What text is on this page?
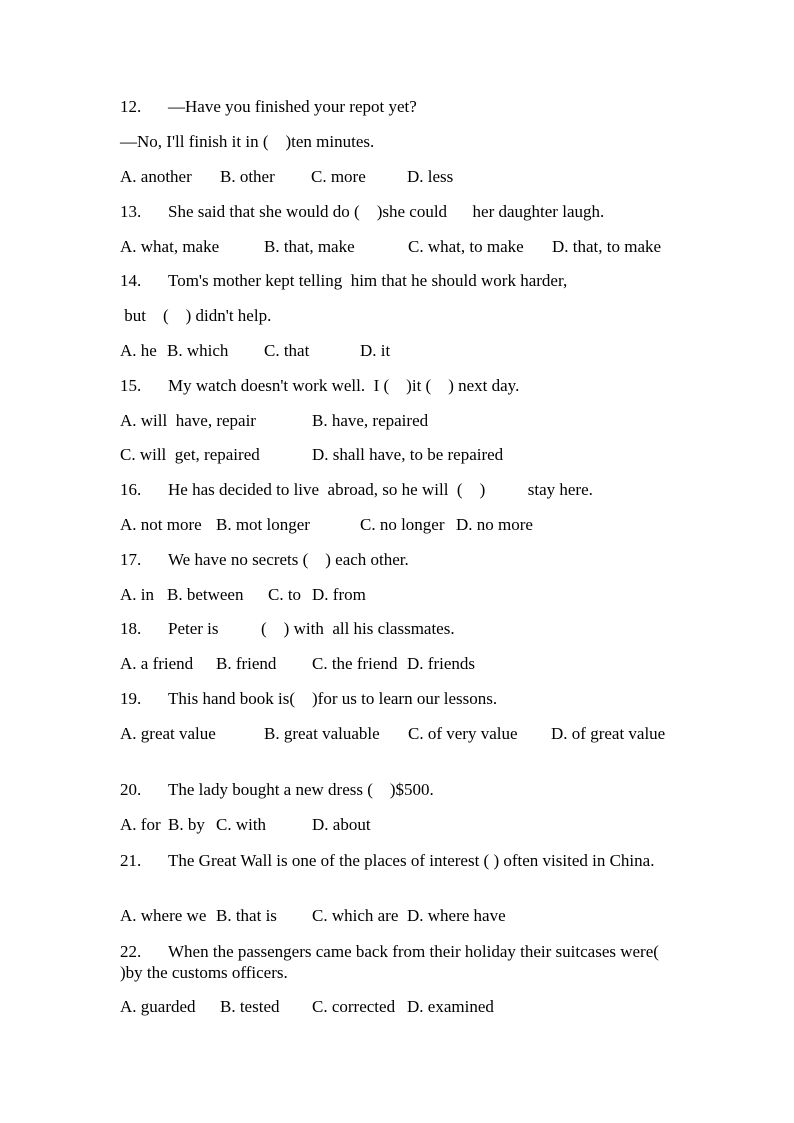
12. —Have you finished your repot yet?
—No, I'll finish it in (    )ten minutes.
A. another B. other C. more D. less
13. She said that she would do (    )she could      her daughter laugh.
A. what, make	B. that, make	C. what, to make D. that, to make
14. Tom's mother kept telling  him that he should work harder,
but    (    ) didn't help.
A. he B. which C. that	D. it
15. My watch doesn't work well.  I (    )it (    ) next day.
A. will  have, repair	B. have, repaired
C. will  get, repaired	D. shall have, to be repaired
16. He has decided to live  abroad, so he will  (    )          stay here.
A. not more B. mot longer	C. no longer D. no more
17. We have no secrets (    ) each other.
A. in B. between C. to D. from
18. Peter is          (    ) with  all his classmates.
A. a friend B. friend C. the friend D. friends
19. This hand book is(    )for us to learn our lessons.
A. great value	B. great valuable C. of very value D. of great value
20. The lady bought a new dress (    )$500.
A. for B. by C. with	D. about
21. The Great Wall is one of the places of interest ( ) often visited in China.
A. where we B. that is C. which are D. where have
22. When the passengers came back from their holiday their suitcases were( )by the customs officers.
A. guarded B. tested C. corrected D. examined
